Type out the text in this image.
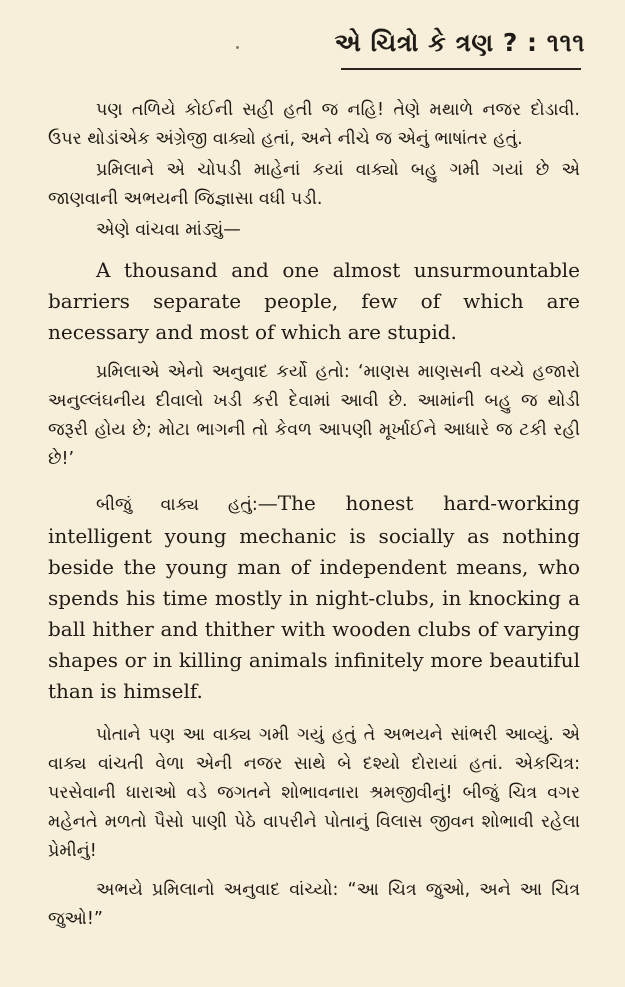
એ ચિત્રો કે ત્રણ ? : ૧૧૧

પણ તળિયે કોઈની સહી હતી જ નહિ! તેણે મથાળે નજર દોડાવી. ઉપર થોડાંએક અંગ્રેજી વાક્યો હતાં, અને નીચે જ એનું ભાષાંતર હતું.

પ્રમિલાને એ ચોપડી માહેનાં કયાં વાક્યો બહુ ગમી ગયાં છે એ જાણવાની અભયની જિજ્ઞાસા વધી પડી.

એણે વાંચવા માંડ્યું—

A thousand and one almost unsurmountable barriers separate people, few of which are necessary and most of which are stupid.

પ્રમિલાએ એનો અનુવાદ કર્યો હતો: ‘માણસ માણસની વચ્ચે હજારો અનુલ્લંઘનીય દીવાલો ખડી કરી દેવામાં આવી છે. આમાંની બહુ જ થોડી જરૂરી હોય છે; મોટા ભાગની તો કેવળ આપણી મૂર્ખાઈને આધારે જ ટકી રહી છે!’

બીજું વાક્ય હતું:—The honest hard-working intelligent young mechanic is socially as nothing beside the young man of independent means, who spends his time mostly in night-clubs, in knocking a ball hither and thither with wooden clubs of varying shapes or in killing animals infinitely more beautiful than is himself.

પોતાને પણ આ વાક્ય ગમી ગયું હતું તે અભયને સાંભરી આવ્યું. એ વાક્ય વાંચતી વેળા એની નજર સાથે બે દશ્યો દોરાયાં હતાં. એકચિત્ર: પરસેવાની ધારાઓ વડે જગતને શોભાવનારા શ્રમજીવીનું! બીજું ચિત્ર વગર મહેનતે મળતો પૈસો પાણી પેઠે વાપરીને પોતાનું વિલાસ જીવન શોભાવી રહેલા પ્રેમીનું!

અભયે પ્રમિલાનો અનુવાદ વાંચ્યો: “આ ચિત્ર જુઓ, અને આ ચિત્ર જુઓ!”
